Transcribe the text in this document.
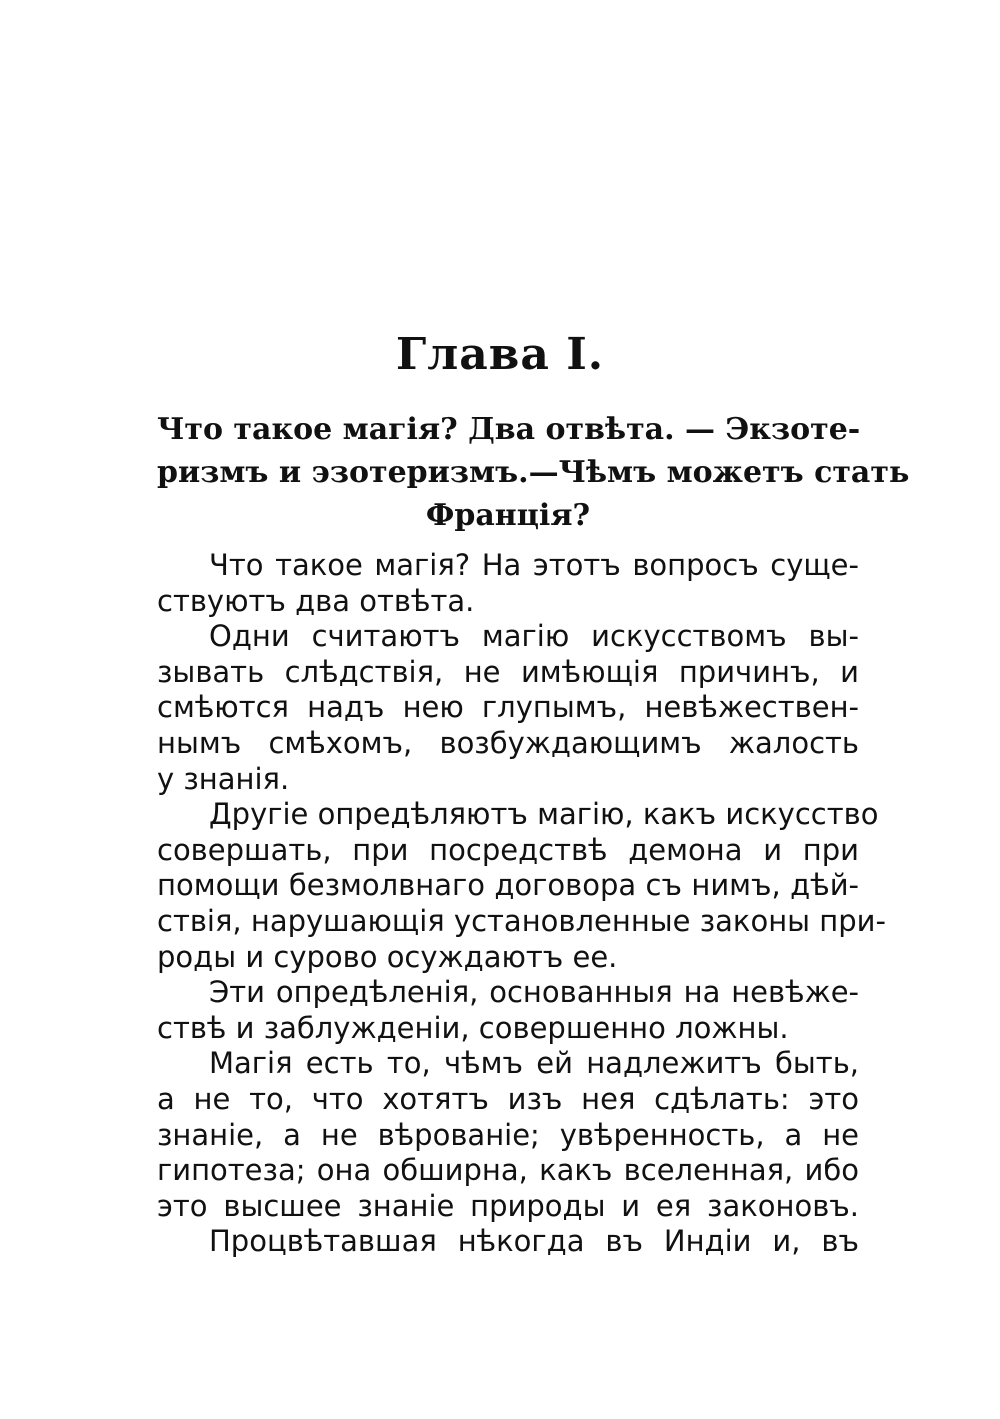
Глава I.
Что такое магія? Два отвѣта. — Экзоте-
ризмъ и эзотеризмъ.—Чѣмъ можетъ стать
Франція?
Что такое магія? На этотъ вопросъ суще-
ствуютъ два отвѣта.
Одни считаютъ магію искусствомъ вы-
зывать слѣдствія, не имѣющія причинъ, и
смѣются надъ нею глупымъ, невѣжествен-
нымъ смѣхомъ, возбуждающимъ жалость
у знанія.
Другіе опредѣляютъ магію, какъ искусство
совершать, при посредствѣ демона и при
помощи безмолвнаго договора съ нимъ, дѣй-
ствія, нарушающія установленные законы при-
роды и сурово осуждаютъ ее.
Эти опредѣленія, основанныя на невѣже-
ствѣ и заблужденіи, совершенно ложны.
Магія есть то, чѣмъ ей надлежитъ быть,
а не то, что хотятъ изъ нея сдѣлать: это
знаніе, а не вѣрованіе; увѣренность, а не
гипотеза; она обширна, какъ вселенная, ибо
это высшее знаніе природы и ея законовъ.
Процвѣтавшая нѣкогда въ Индіи и, въ
